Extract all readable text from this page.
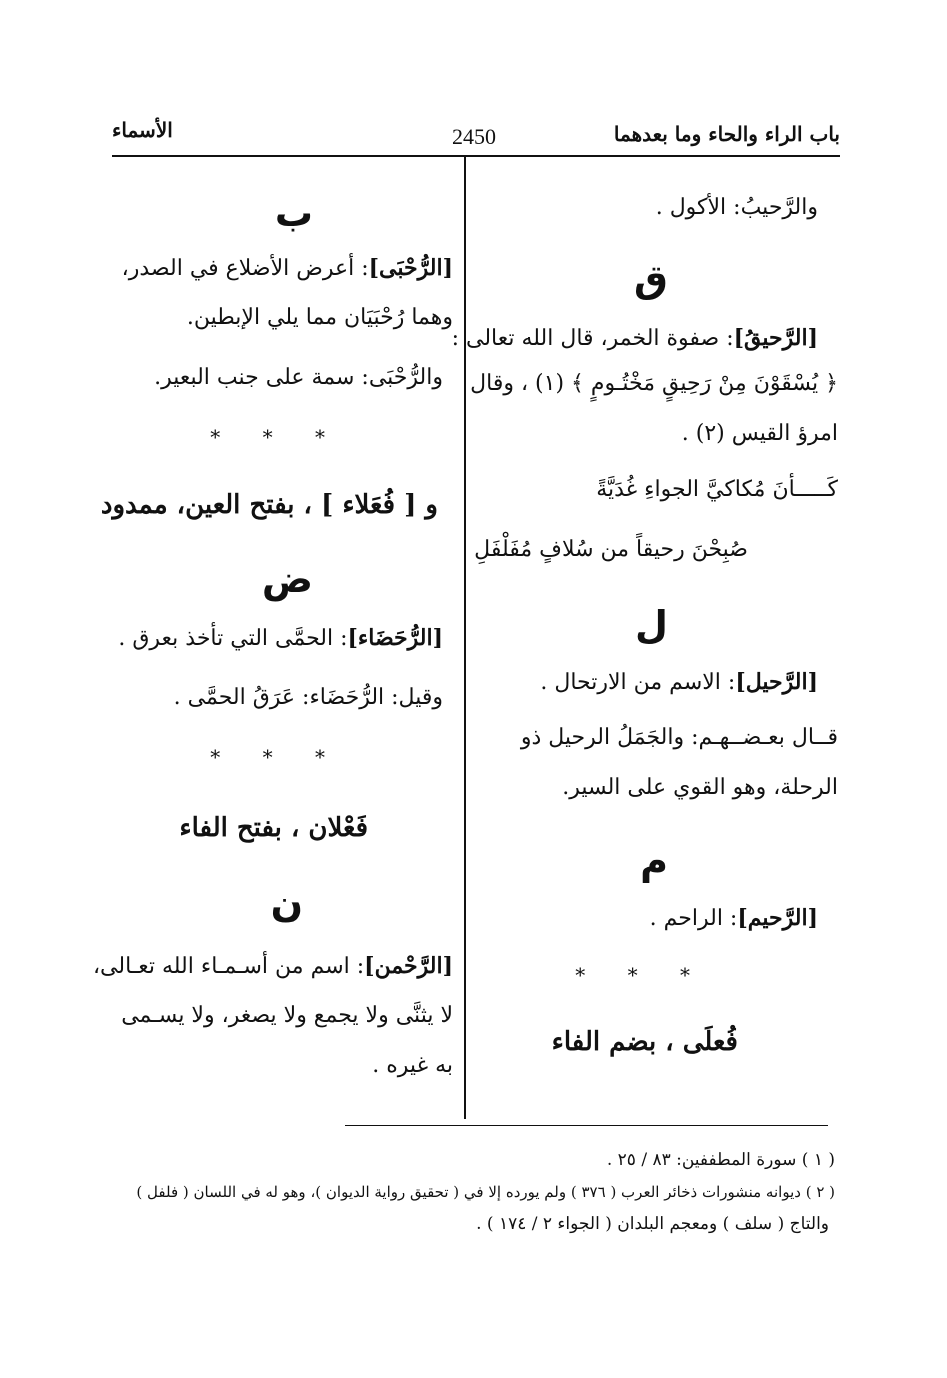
باب الراء والحاء وما بعدهما
2450
الأسماء
والرَّحيبُ: الأكول .
ق
[الرَّحيقُ]: صفوة الخمر، قال الله تعالى :
﴿ يُسْقَوْنَ مِنْ رَحِيقٍ مَخْتُـومٍ ﴾ (١) ، وقال
امرؤ القيس (٢) .
كَـــــأنَ مُكاكيَّ الجواءِ غُدَيَّةً
صُبِحْنَ رحيقاً من سُلافٍ مُفَلْفَلِ
ل
[الرَّحيل]: الاسم من الارتحال .
قــال بعـضــهـم: والجَمَلُ الرحيل ذو
الرحلة، وهو القوي على السير.
م
[الرَّحيم]: الراحم .
* * *
فُعلَى ، بضم الفاء
ب
[الرُّحْبَى]: أعرض الأضلاع في الصدر،
وهما رُحْبَيَان مما يلي الإبطين.
والرُّحْبَى: سمة على جنب البعير.
* * *
و [ فُعَلاء ] ، بفتح العين، ممدود
ض
[الرُّحَضَاء]: الحمَّى التي تأخذ بعرق .
وقيل: الرُّحَضَاء: عَرَقُ الحمَّى .
* * *
فَعْلان ، بفتح الفاء
ن
[الرَّحْمن]: اسم من أسـمـاء الله تعـالى،
لا يثنَّى ولا يجمع ولا يصغر، ولا يسـمى
به غيره .
( ١ ) سورة المطففين: ٨٣ / ٢٥ .
( ٢ ) ديوانه منشورات ذخائر العرب ( ٣٧٦ ) ولم يورده إلا في ( تحقيق رواية الديوان )، وهو له في اللسان ( فلفل )
والتاج ( سلف ) ومعجم البلدان ( الجواء ٢ / ١٧٤ ) .
